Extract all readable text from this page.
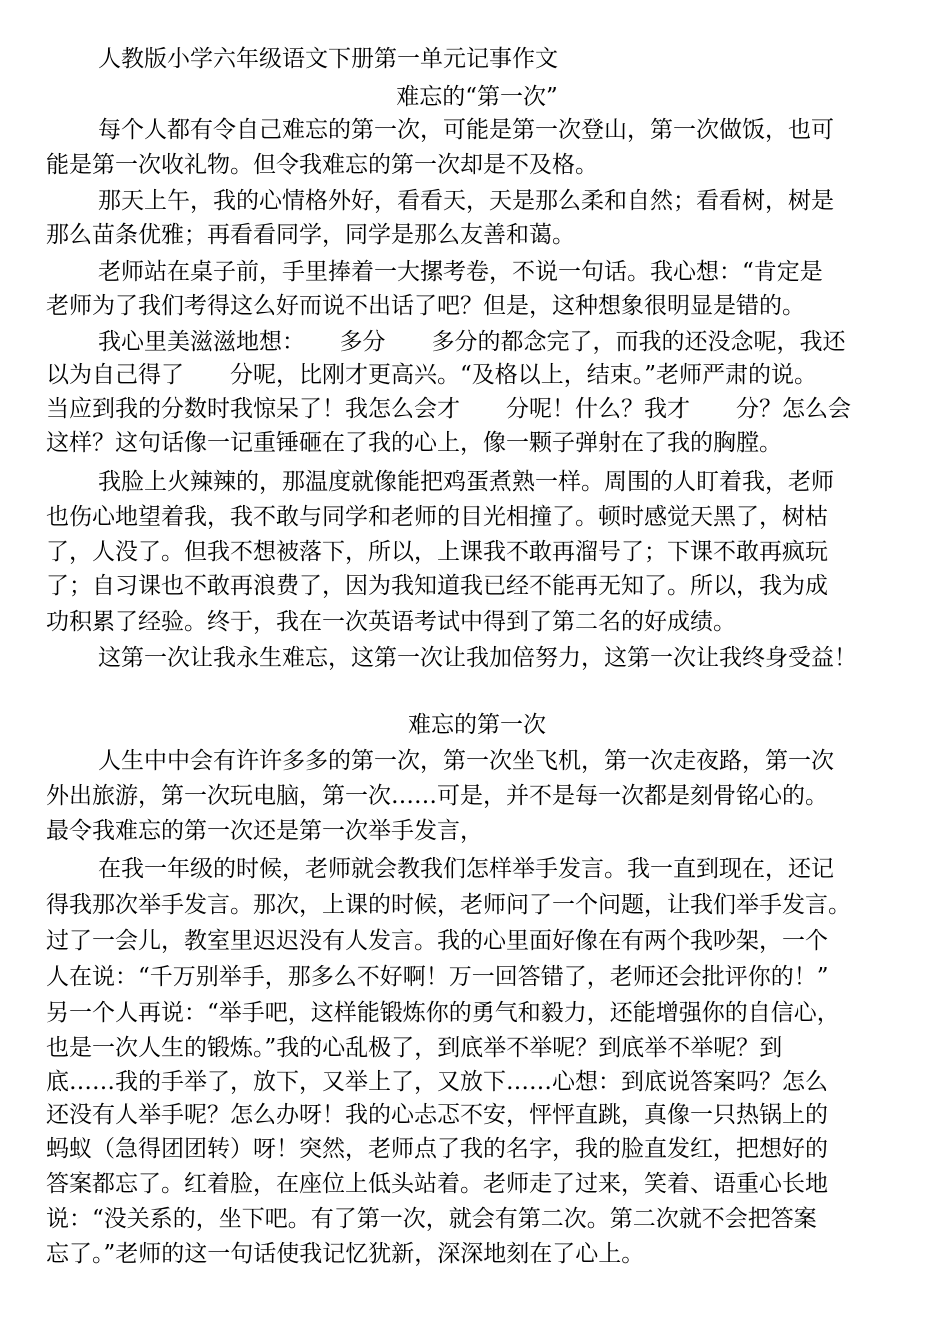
人教版小学六年级语文下册第一单元记事作文
难忘的“第一次”
每个人都有令自己难忘的第一次，可能是第一次登山，第一次做饭，也可
能是第一次收礼物。但令我难忘的第一次却是不及格。
那天上午，我的心情格外好，看看天，天是那么柔和自然；看看树，树是
那么苗条优雅；再看看同学，同学是那么友善和蔼。
老师站在桌子前，手里捧着一大摞考卷，不说一句话。我心想：“肯定是
老师为了我们考得这么好而说不出话了吧？但是，这种想象很明显是错的。
我心里美滋滋地想：　　多分　　多分的都念完了，而我的还没念呢，我还
以为自己得了　　分呢，比刚才更高兴。“及格以上，结束。”老师严肃的说。
当应到我的分数时我惊呆了！我怎么会才　　分呢！什么？我才　　分？怎么会
这样？这句话像一记重锤砸在了我的心上，像一颗子弹射在了我的胸膛。
我脸上火辣辣的，那温度就像能把鸡蛋煮熟一样。周围的人盯着我，老师
也伤心地望着我，我不敢与同学和老师的目光相撞了。顿时感觉天黑了，树枯
了，人没了。但我不想被落下，所以，上课我不敢再溜号了；下课不敢再疯玩
了；自习课也不敢再浪费了，因为我知道我已经不能再无知了。所以，我为成
功积累了经验。终于，我在一次英语考试中得到了第二名的好成绩。
这第一次让我永生难忘，这第一次让我加倍努力，这第一次让我终身受益！
难忘的第一次
人生中中会有许许多多的第一次，第一次坐飞机，第一次走夜路，第一次
外出旅游，第一次玩电脑，第一次……可是，并不是每一次都是刻骨铭心的。
最令我难忘的第一次还是第一次举手发言，
在我一年级的时候，老师就会教我们怎样举手发言。我一直到现在，还记
得我那次举手发言。那次，上课的时候，老师问了一个问题，让我们举手发言。
过了一会儿，教室里迟迟没有人发言。我的心里面好像在有两个我吵架，一个
人在说：“千万别举手，那多么不好啊！万一回答错了，老师还会批评你的！”
另一个人再说：“举手吧，这样能锻炼你的勇气和毅力，还能增强你的自信心，
也是一次人生的锻炼。”我的心乱极了，到底举不举呢？到底举不举呢？到
底……我的手举了，放下，又举上了，又放下……心想：到底说答案吗？怎么
还没有人举手呢？怎么办呀！我的心忐忑不安，怦怦直跳，真像一只热锅上的
蚂蚁（急得团团转）呀！突然，老师点了我的名字，我的脸直发红，把想好的
答案都忘了。红着脸，在座位上低头站着。老师走了过来，笑着、语重心长地
说：“没关系的，坐下吧。有了第一次，就会有第二次。第二次就不会把答案
忘了。”老师的这一句话使我记忆犹新，深深地刻在了心上。
